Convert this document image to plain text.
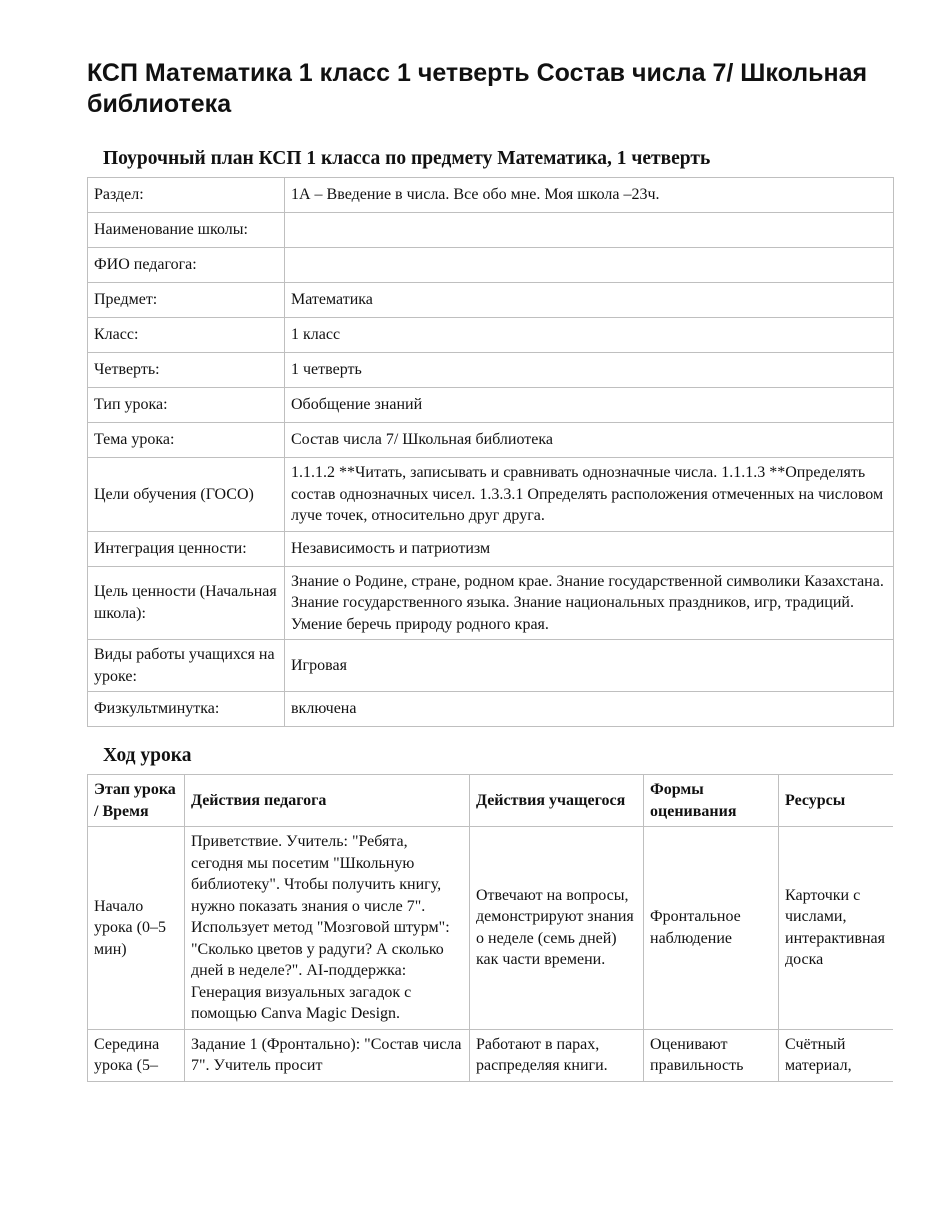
КСП Математика 1 класс 1 четверть Состав числа 7/ Школьная библиотека
Поурочный план КСП 1 класса по предмету Математика, 1 четверть
Раздел:	1А – Введение в числа. Все обо мне. Моя школа –23ч.
Наименование школы:	
ФИО педагога:	
Предмет:	Математика
Класс:	1 класс
Четверть:	1 четверть
Тип урока:	Обобщение знаний
Тема урока:	Состав числа 7/ Школьная библиотека
Цели обучения (ГОСО)	1.1.1.2 **Читать, записывать и сравнивать однозначные числа. 1.1.1.3 **Определять состав однозначных чисел. 1.3.3.1 Определять расположения отмеченных на числовом луче точек, относительно друг друга.
Интеграция ценности:	Независимость и патриотизм
Цель ценности (Начальная школа):	Знание о Родине, стране, родном крае. Знание государственной символики Казахстана. Знание государственного языка. Знание национальных праздников, игр, традиций. Умение беречь природу родного края.
Виды работы учащихся на уроке:	Игровая
Физкультминутка:	включена
Ход урока
Этап урока / Время	Действия педагога	Действия учащегося	Формы оценивания	Ресурсы
Начало урока (0–5 мин)	Приветствие. Учитель: "Ребята, сегодня мы посетим "Школьную библиотеку". Чтобы получить книгу, нужно показать знания о числе 7". Использует метод "Мозговой штурм": "Сколько цветов у радуги? А сколько дней в неделе?". AI-поддержка: Генерация визуальных загадок с помощью Canva Magic Design.	Отвечают на вопросы, демонстрируют знания о неделе (семь дней) как части времени.	Фронтальное наблюдение	Карточки с числами, интерактивная доска
Середина урока (5–	Задание 1 (Фронтально): "Состав числа 7". Учитель просит	Работают в парах, распределяя книги.	Оценивают правильность	Счётный материал,
